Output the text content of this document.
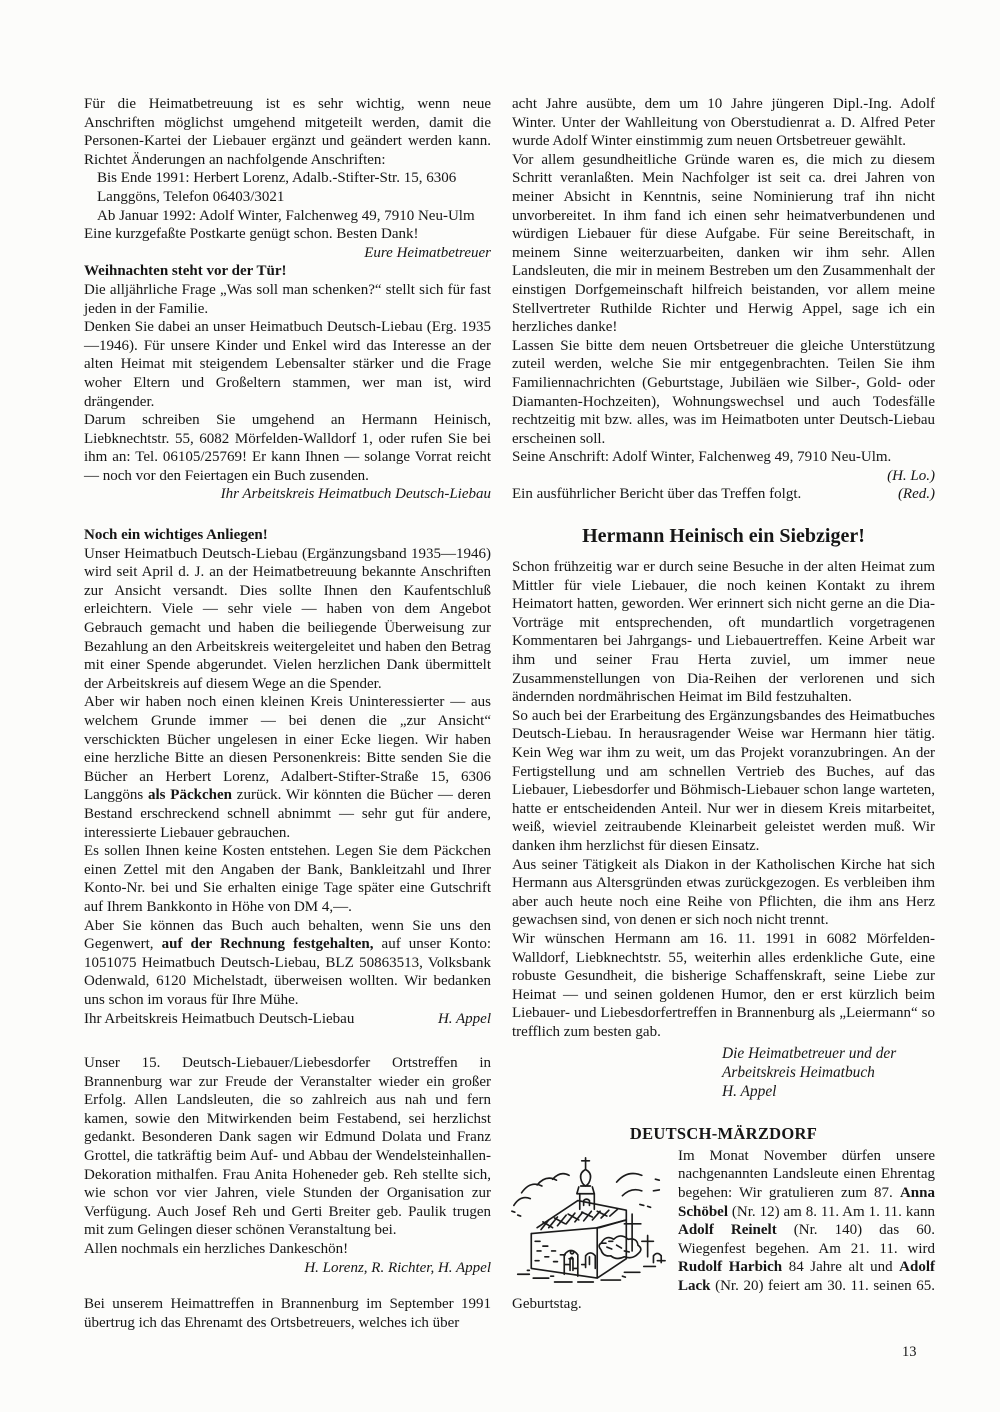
Für die Heimatbetreuung ist es sehr wichtig, wenn neue Anschriften möglichst umgehend mitgeteilt werden, damit die Personen-Kartei der Liebauer ergänzt und geändert werden kann. Richtet Änderungen an nachfolgende Anschriften:

Bis Ende 1991: Herbert Lorenz, Adalb.-Stifter-Str. 15, 6306 Langgöns, Telefon 06403/3021

Ab Januar 1992: Adolf Winter, Falchenweg 49, 7910 Neu-Ulm

Eine kurzgefaßte Postkarte genügt schon. Besten Dank!

Eure Heimatbetreuer

Weihnachten steht vor der Tür!

Die alljährliche Frage „Was soll man schenken?“ stellt sich für fast jeden in der Familie.

Denken Sie dabei an unser Heimatbuch Deutsch-Liebau (Erg. 1935—1946). Für unsere Kinder und Enkel wird das Interesse an der alten Heimat mit steigendem Lebensalter stärker und die Frage woher Eltern und Großeltern stammen, wer man ist, wird drängender.

Darum schreiben Sie umgehend an Hermann Heinisch, Liebknechtstr. 55, 6082 Mörfelden-Walldorf 1, oder rufen Sie bei ihm an: Tel. 06105/25769! Er kann Ihnen — solange Vorrat reicht — noch vor den Feiertagen ein Buch zusenden.

Ihr Arbeitskreis Heimatbuch Deutsch-Liebau

Noch ein wichtiges Anliegen!

Unser Heimatbuch Deutsch-Liebau (Ergänzungsband 1935—1946) wird seit April d. J. an der Heimatbetreuung bekannte Anschriften zur Ansicht versandt. Dies sollte Ihnen den Kaufentschluß erleichtern. Viele — sehr viele — haben von dem Angebot Gebrauch gemacht und haben die beiliegende Überweisung zur Bezahlung an den Arbeitskreis weitergeleitet und haben den Betrag mit einer Spende abgerundet. Vielen herzlichen Dank übermittelt der Arbeitskreis auf diesem Wege an die Spender.

Aber wir haben noch einen kleinen Kreis Uninteressierter — aus welchem Grunde immer — bei denen die „zur Ansicht“ verschickten Bücher ungelesen in einer Ecke liegen. Wir haben eine herzliche Bitte an diesen Personenkreis: Bitte senden Sie die Bücher an Herbert Lorenz, Adalbert-Stifter-Straße 15, 6306 Langgöns als Päckchen zurück. Wir könnten die Bücher — deren Bestand erschreckend schnell abnimmt — sehr gut für andere, interessierte Liebauer gebrauchen.

Es sollen Ihnen keine Kosten entstehen. Legen Sie dem Päckchen einen Zettel mit den Angaben der Bank, Bankleitzahl und Ihrer Konto-Nr. bei und Sie erhalten einige Tage später eine Gutschrift auf Ihrem Bankkonto in Höhe von DM 4,—.

Aber Sie können das Buch auch behalten, wenn Sie uns den Gegenwert, auf der Rechnung festgehalten, auf unser Konto: 1051075 Heimatbuch Deutsch-Liebau, BLZ 50863513, Volksbank Odenwald, 6120 Michelstadt, überweisen wollten. Wir bedanken uns schon im voraus für Ihre Mühe.

Ihr Arbeitskreis Heimatbuch Deutsch-Liebau	H. Appel

Unser 15. Deutsch-Liebauer/Liebesdorfer Ortstreffen in Brannenburg war zur Freude der Veranstalter wieder ein großer Erfolg. Allen Landsleuten, die so zahlreich aus nah und fern kamen, sowie den Mitwirkenden beim Festabend, sei herzlichst gedankt. Besonderen Dank sagen wir Edmund Dolata und Franz Grottel, die tatkräftig beim Auf- und Abbau der Wendelsteinhallen-Dekoration mithalfen. Frau Anita Hoheneder geb. Reh stellte sich, wie schon vor vier Jahren, viele Stunden der Organisation zur Verfügung. Auch Josef Reh und Gerti Breiter geb. Paulik trugen mit zum Gelingen dieser schönen Veranstaltung bei.

Allen nochmals ein herzliches Dankeschön!

H. Lorenz, R. Richter, H. Appel

Bei unserem Heimattreffen in Brannenburg im September 1991 übertrug ich das Ehrenamt des Ortsbetreuers, welches ich über

acht Jahre ausübte, dem um 10 Jahre jüngeren Dipl.-Ing. Adolf Winter. Unter der Wahlleitung von Oberstudienrat a. D. Alfred Peter wurde Adolf Winter einstimmig zum neuen Ortsbetreuer gewählt.

Vor allem gesundheitliche Gründe waren es, die mich zu diesem Schritt veranlaßten. Mein Nachfolger ist seit ca. drei Jahren von meiner Absicht in Kenntnis, seine Nominierung traf ihn nicht unvorbereitet. In ihm fand ich einen sehr heimatverbundenen und würdigen Liebauer für diese Aufgabe. Für seine Bereitschaft, in meinem Sinne weiterzuarbeiten, danken wir ihm sehr. Allen Landsleuten, die mir in meinem Bestreben um den Zusammenhalt der einstigen Dorfgemeinschaft hilfreich beistanden, vor allem meine Stellvertreter Ruthilde Richter und Herwig Appel, sage ich ein herzliches danke!

Lassen Sie bitte dem neuen Ortsbetreuer die gleiche Unterstützung zuteil werden, welche Sie mir entgegenbrachten. Teilen Sie ihm Familiennachrichten (Geburtstage, Jubiläen wie Silber-, Gold- oder Diamanten-Hochzeiten), Wohnungswechsel und auch Todesfälle rechtzeitig mit bzw. alles, was im Heimatboten unter Deutsch-Liebau erscheinen soll.

Seine Anschrift: Adolf Winter, Falchenweg 49, 7910 Neu-Ulm.

(H. Lo.)

Ein ausführlicher Bericht über das Treffen folgt.	(Red.)

Hermann Heinisch ein Siebziger!

Schon frühzeitig war er durch seine Besuche in der alten Heimat zum Mittler für viele Liebauer, die noch keinen Kontakt zu ihrem Heimatort hatten, geworden. Wer erinnert sich nicht gerne an die Dia-Vorträge mit entsprechenden, oft mundartlich vorgetragenen Kommentaren bei Jahrgangs- und Liebauertreffen. Keine Arbeit war ihm und seiner Frau Herta zuviel, um immer neue Zusammenstellungen von Dia-Reihen der verlorenen und sich ändernden nordmährischen Heimat im Bild festzuhalten.

So auch bei der Erarbeitung des Ergänzungsbandes des Heimatbuches Deutsch-Liebau. In herausragender Weise war Hermann hier tätig. Kein Weg war ihm zu weit, um das Projekt voranzubringen. An der Fertigstellung und am schnellen Vertrieb des Buches, auf das Liebauer, Liebesdorfer und Böhmisch-Liebauer schon lange warteten, hatte er entscheidenden Anteil. Nur wer in diesem Kreis mitarbeitet, weiß, wieviel zeitraubende Kleinarbeit geleistet werden muß. Wir danken ihm herzlichst für diesen Einsatz.

Aus seiner Tätigkeit als Diakon in der Katholischen Kirche hat sich Hermann aus Altersgründen etwas zurückgezogen. Es verbleiben ihm aber auch heute noch eine Reihe von Pflichten, die ihm ans Herz gewachsen sind, von denen er sich noch nicht trennt.

Wir wünschen Hermann am 16. 11. 1991 in 6082 Mörfelden-Walldorf, Liebknechtstr. 55, weiterhin alles erdenkliche Gute, eine robuste Gesundheit, die bisherige Schaffenskraft, seine Liebe zur Heimat — und seinen goldenen Humor, den er erst kürzlich beim Liebauer- und Liebesdorfertreffen in Brannenburg als „Leiermann“ so trefflich zum besten gab.

Die Heimatbetreuer und der
Arbeitskreis Heimatbuch
H. Appel
DEUTSCH-MÄRZDORF

Im Monat November dürfen unsere nachgenannten Landsleute einen Ehrentag begehen: Wir gratulieren zum 87. Anna Schöbel (Nr. 12) am 8. 11. Am 1. 11. kann Adolf Reinelt (Nr. 140) das 60. Wiegenfest begehen. Am 21. 11. wird Rudolf Harbich 84 Jahre alt und Adolf Lack (Nr. 20) feiert am 30. 11. seinen 65. Geburtstag.

13
